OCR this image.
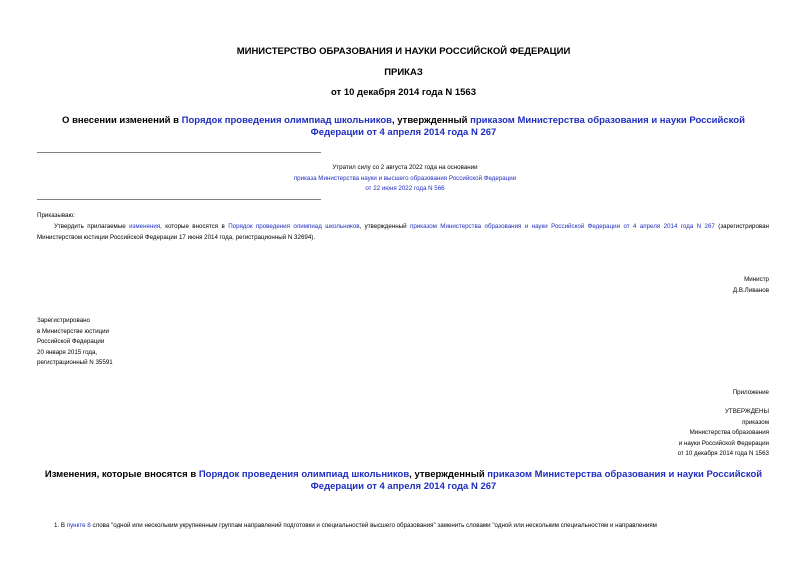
МИНИСТЕРСТВО ОБРАЗОВАНИЯ И НАУКИ РОССИЙСКОЙ ФЕДЕРАЦИИ
ПРИКАЗ
от 10 декабря 2014 года N 1563
О внесении изменений в Порядок проведения олимпиад школьников, утвержденный приказом Министерства образования и науки Российской Федерации от 4 апреля 2014 года N 267
Утратил силу со 2 августа 2022 года на основании
приказа Министерства науки и высшего образования Российской Федерации
от 22 июня 2022 года N 566
Приказываю:
Утвердить прилагаемые изменения, которые вносятся в Порядок проведения олимпиад школьников, утвержденный приказом Министерства образования и науки Российской Федерации от 4 апреля 2014 года N 267 (зарегистрирован Министерством юстиции Российской Федерации 17 июня 2014 года, регистрационный N 32694).
Министр
Д.В.Ливанов
Зарегистрировано
в Министерстве юстиции
Российской Федерации
20 января 2015 года,
регистрационный N 35591
Приложение
УТВЕРЖДЕНЫ
приказом
Министерства образования
и науки Российской Федерации
от 10 декабря 2014 года N 1563
Изменения, которые вносятся в Порядок проведения олимпиад школьников, утвержденный приказом Министерства образования и науки Российской Федерации от 4 апреля 2014 года N 267
1. В пункте 8 слова "одной или нескольким укрупненным группам направлений подготовки и специальностей высшего образования" заменить словами "одной или нескольким специальностям и направлениям
